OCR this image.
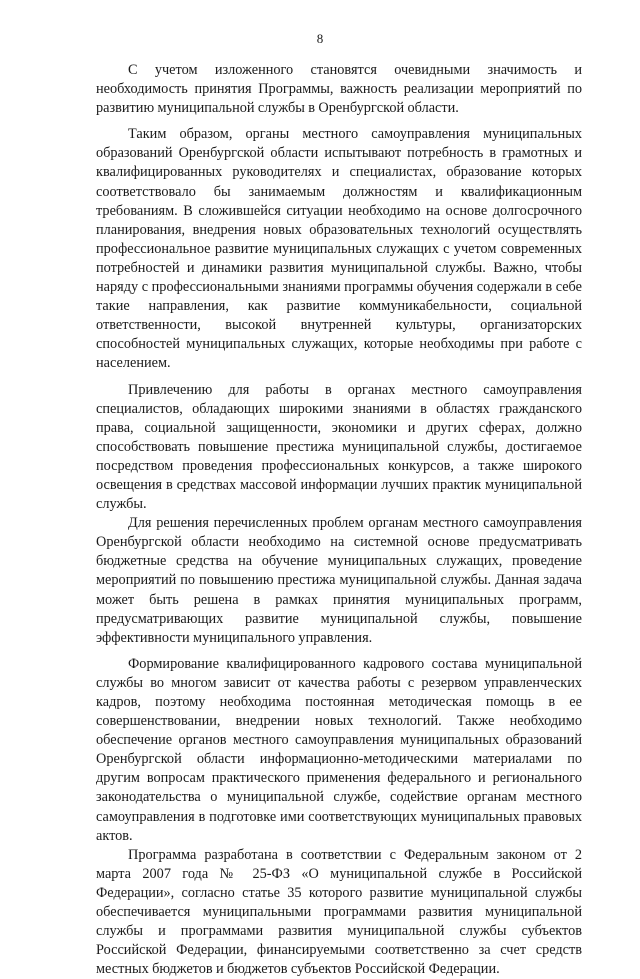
8

С учетом изложенного становятся очевидными значимость и необходимость принятия Программы, важность реализации мероприятий по развитию муниципальной службы в Оренбургской области.

Таким образом, органы местного самоуправления муниципальных образований Оренбургской области испытывают потребность в грамотных и квалифицированных руководителях и специалистах, образование которых соответствовало бы занимаемым должностям и квалификационным требованиям. В сложившейся ситуации необходимо на основе долгосрочного планирования, внедрения новых образовательных технологий осуществлять профессиональное развитие муниципальных служащих с учетом современных потребностей и динамики развития муниципальной службы. Важно, чтобы наряду с профессиональными знаниями программы обучения содержали в себе такие направления, как развитие коммуникабельности, социальной ответственности, высокой внутренней культуры, организаторских способностей муниципальных служащих, которые необходимы при работе с населением.

Привлечению для работы в органах местного самоуправления специалистов, обладающих широкими знаниями в областях гражданского права, социальной защищенности, экономики и других сферах, должно способствовать повышение престижа муниципальной службы, достигаемое посредством проведения профессиональных конкурсов, а также широкого освещения в средствах массовой информации лучших практик муниципальной службы.

Для решения перечисленных проблем органам местного самоуправления Оренбургской области необходимо на системной основе предусматривать бюджетные средства на обучение муниципальных служащих, проведение мероприятий по повышению престижа муниципальной службы. Данная задача может быть решена в рамках принятия муниципальных программ, предусматривающих развитие муниципальной службы, повышение эффективности муниципального управления.

Формирование квалифицированного кадрового состава муниципальной службы во многом зависит от качества работы с резервом управленческих кадров, поэтому необходима постоянная методическая помощь в ее совершенствовании, внедрении новых технологий. Также необходимо обеспечение органов местного самоуправления муниципальных образований Оренбургской области информационно-методическими материалами по другим вопросам практического применения федерального и регионального законодательства о муниципальной службе, содействие органам местного самоуправления в подготовке ими соответствующих муниципальных правовых актов.

Программа разработана в соответствии с Федеральным законом от 2 марта 2007 года № 25-ФЗ «О муниципальной службе в Российской Федерации», согласно статье 35 которого развитие муниципальной службы обеспечивается муниципальными программами развития муниципальной службы и программами развития муниципальной службы субъектов Российской Федерации, финансируемыми соответственно за счет средств местных бюджетов и бюджетов субъектов Российской Федерации.
